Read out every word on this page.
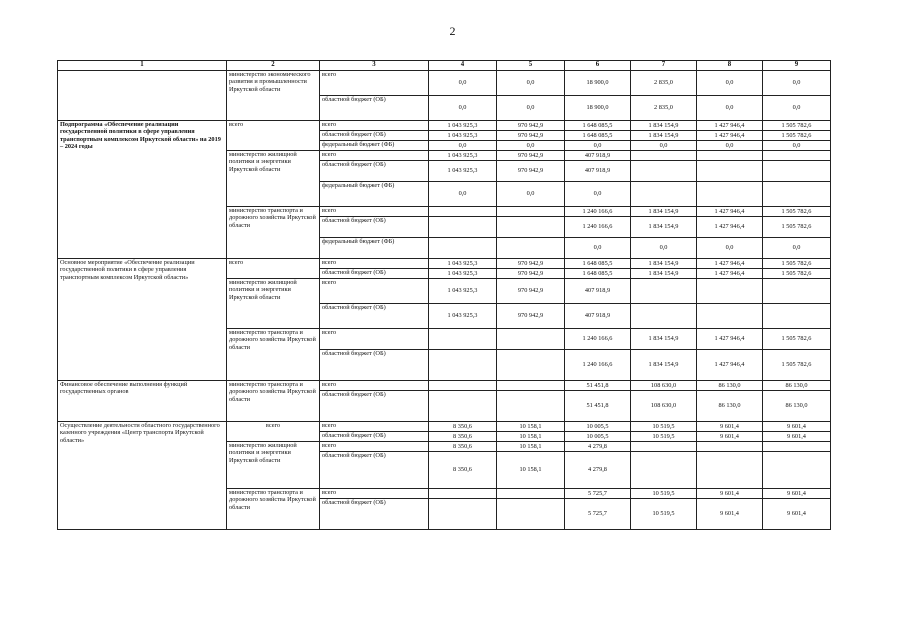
2
1	2	3	4	5	6	7	8	9
	министерство экономического развития и промышленности Иркутской области	всего	0,0	0,0	18 900,0	2 835,0	0,0	0,0
		областной бюджет (ОБ)	0,0	0,0	18 900,0	2 835,0	0,0	0,0
Подпрограмма «Обеспечение реализации государственной политики в сфере управления транспортным комплексом Иркутской области» на 2019 – 2024 годы	всего	всего	1 043 925,3	970 942,9	1 648 085,5	1 834 154,9	1 427 946,4	1 505 782,6
		областной бюджет (ОБ)	1 043 925,3	970 942,9	1 648 085,5	1 834 154,9	1 427 946,4	1 505 782,6
		федеральный бюджет (ФБ)	0,0	0,0	0,0	0,0	0,0	0,0
	министерство жилищной политики и энергетики Иркутской области	всего	1 043 925,3	970 942,9	407 918,9			
		областной бюджет (ОБ)	1 043 925,3	970 942,9	407 918,9			
		федеральный бюджет (ФБ)	0,0	0,0	0,0			
	министерство транспорта и дорожного хозяйства Иркутской области	всего			1 240 166,6	1 834 154,9	1 427 946,4	1 505 782,6
		областной бюджет (ОБ)			1 240 166,6	1 834 154,9	1 427 946,4	1 505 782,6
		федеральный бюджет (ФБ)			0,0	0,0	0,0	0,0
Основное мероприятие «Обеспечение реализации государственной политики в сфере управления транспортным комплексом Иркутской области»	всего	всего	1 043 925,3	970 942,9	1 648 085,5	1 834 154,9	1 427 946,4	1 505 782,6
		областной бюджет (ОБ)	1 043 925,3	970 942,9	1 648 085,5	1 834 154,9	1 427 946,4	1 505 782,6
	министерство жилищной политики и энергетики Иркутской области	всего	1 043 925,3	970 942,9	407 918,9			
		областной бюджет (ОБ)	1 043 925,3	970 942,9	407 918,9			
	министерство транспорта и дорожного хозяйства Иркутской области	всего			1 240 166,6	1 834 154,9	1 427 946,4	1 505 782,6
		областной бюджет (ОБ)			1 240 166,6	1 834 154,9	1 427 946,4	1 505 782,6
Финансовое обеспечение выполнения функций государственных органов	министерство транспорта и дорожного хозяйства Иркутской области	всего			51 451,8	108 630,0	86 130,0	86 130,0
		областной бюджет (ОБ)			51 451,8	108 630,0	86 130,0	86 130,0
Осуществление деятельности областного государственного казенного учреждения «Центр транспорта Иркутской области»	всего	всего	8 350,6	10 158,1	10 005,5	10 519,5	9 601,4	9 601,4
		областной бюджет (ОБ)	8 350,6	10 158,1	10 005,5	10 519,5	9 601,4	9 601,4
	министерство жилищной политики и энергетики Иркутской области	всего	8 350,6	10 158,1	4 279,8			
		областной бюджет (ОБ)	8 350,6	10 158,1	4 279,8			
	министерство транспорта и дорожного хозяйства Иркутской области	всего			5 725,7	10 519,5	9 601,4	9 601,4
		областной бюджет (ОБ)			5 725,7	10 519,5	9 601,4	9 601,4
